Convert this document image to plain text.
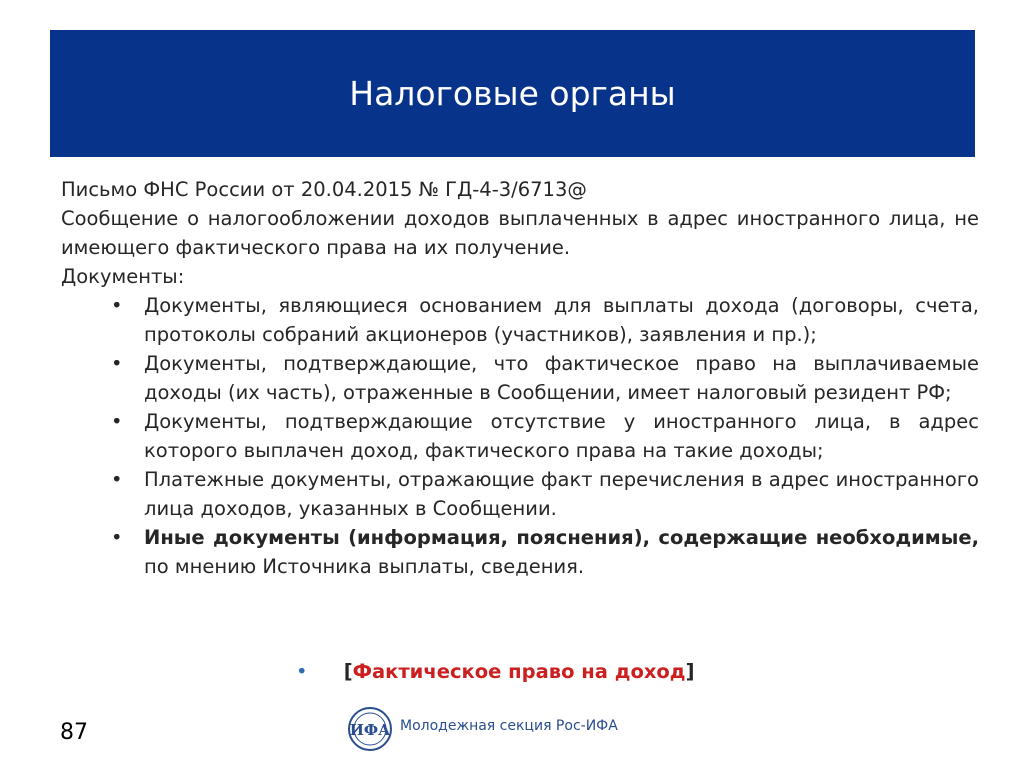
Налоговые органы

Письмо ФНС России от 20.04.2015 № ГД-4-3/6713@

Сообщение о налогообложении доходов выплаченных в адрес иностранного лица, не имеющего фактического права на их получение.

Документы:

• Документы, являющиеся основанием для выплаты дохода (договоры, счета, протоколы собраний акционеров (участников), заявления и пр.);
• Документы, подтверждающие, что фактическое право на выплачиваемые доходы (их часть), отраженные в Сообщении, имеет налоговый резидент РФ;
• Документы, подтверждающие отсутствие у иностранного лица, в адрес которого выплачен доход, фактического права на такие доходы;
• Платежные документы, отражающие факт перечисления в адрес иностранного лица доходов, указанных в Сообщении.
• Иные документы (информация, пояснения), содержащие необходимые, по мнению Источника выплаты, сведения.
• [Фактическое право на доход]
87	ИФА Молодежная секция Рос-ИФА
